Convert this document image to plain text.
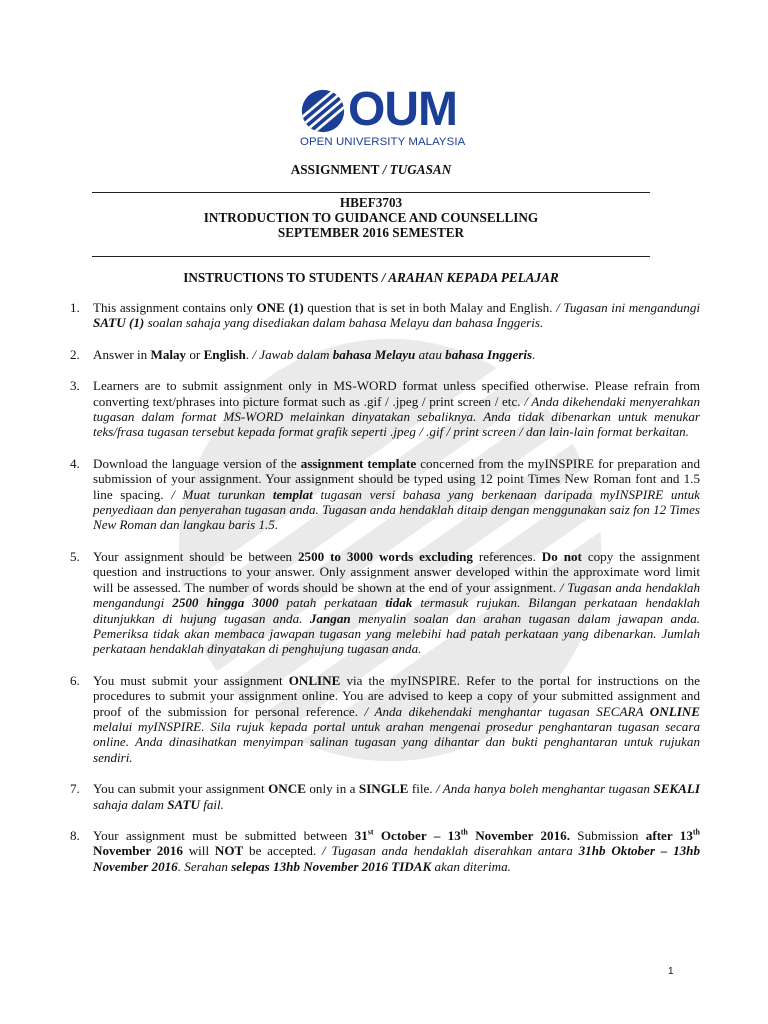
OUM
OPEN UNIVERSITY MALAYSIA
ASSIGNMENT / TUGASAN
HBEF3703
INTRODUCTION TO GUIDANCE AND COUNSELLING
SEPTEMBER 2016 SEMESTER
INSTRUCTIONS TO STUDENTS / ARAHAN KEPADA PELAJAR
1.	This assignment contains only ONE (1) question that is set in both Malay and English. / Tugasan ini mengandungi SATU (1) soalan sahaja yang disediakan dalam bahasa Melayu dan bahasa Inggeris.
2.	Answer in Malay or English. / Jawab dalam bahasa Melayu atau bahasa Inggeris.
3.	Learners are to submit assignment only in MS-WORD format unless specified otherwise. Please refrain from converting text/phrases into picture format such as .gif / .jpeg / print screen / etc. / Anda dikehendaki menyerahkan tugasan dalam format MS-WORD melainkan dinyatakan sebaliknya. Anda tidak dibenarkan untuk menukar teks/frasa tugasan tersebut kepada format grafik seperti .jpeg / .gif / print screen / dan lain-lain format berkaitan.
4.	Download the language version of the assignment template concerned from the myINSPIRE for preparation and submission of your assignment. Your assignment should be typed using 12 point Times New Roman font and 1.5 line spacing. / Muat turunkan templat tugasan versi bahasa yang berkenaan daripada myINSPIRE untuk penyediaan dan penyerahan tugasan anda. Tugasan anda hendaklah ditaip dengan menggunakan saiz fon 12 Times New Roman dan langkau baris 1.5.
5.	Your assignment should be between 2500 to 3000 words excluding references. Do not copy the assignment question and instructions to your answer. Only assignment answer developed within the approximate word limit will be assessed. The number of words should be shown at the end of your assignment. / Tugasan anda hendaklah mengandungi 2500 hingga 3000 patah perkataan tidak termasuk rujukan. Bilangan perkataan hendaklah ditunjukkan di hujung tugasan anda. Jangan menyalin soalan dan arahan tugasan dalam jawapan anda. Pemeriksa tidak akan membaca jawapan tugasan yang melebihi had patah perkataan yang dibenarkan. Jumlah perkataan hendaklah dinyatakan di penghujung tugasan anda.
6.	You must submit your assignment ONLINE via the myINSPIRE. Refer to the portal for instructions on the procedures to submit your assignment online. You are advised to keep a copy of your submitted assignment and proof of the submission for personal reference. / Anda dikehendaki menghantar tugasan SECARA ONLINE melalui myINSPIRE. Sila rujuk kepada portal untuk arahan mengenai prosedur penghantaran tugasan secara online. Anda dinasihatkan menyimpan salinan tugasan yang dihantar dan bukti penghantaran untuk rujukan sendiri.
7.	You can submit your assignment ONCE only in a SINGLE file. / Anda hanya boleh menghantar tugasan SEKALI sahaja dalam SATU fail.
8.	Your assignment must be submitted between 31st October – 13th November 2016. Submission after 13th November 2016 will NOT be accepted. / Tugasan anda hendaklah diserahkan antara 31hb Oktober – 13hb November 2016. Serahan selepas 13hb November 2016 TIDAK akan diterima.
1
